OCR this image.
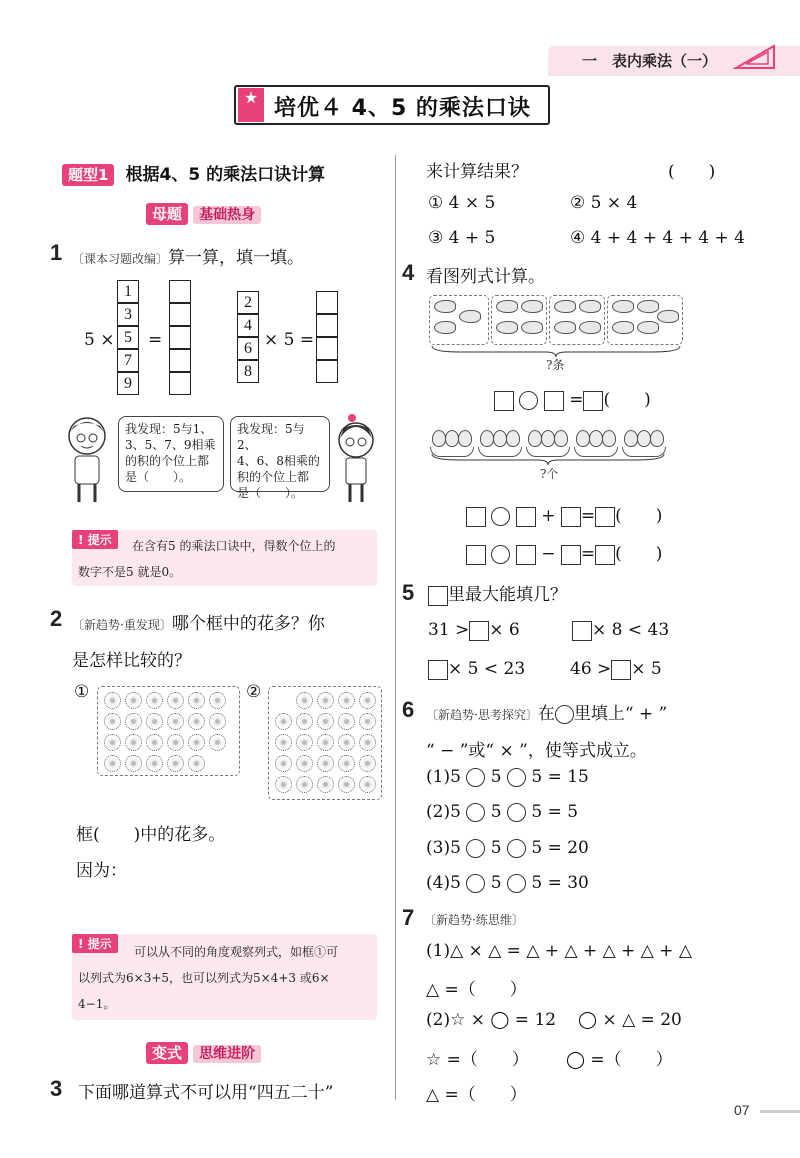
一　表内乘法（一）
★ 培优４ 4、5 的乘法口诀
题型1 根据4、5 的乘法口诀计算
母题 基础热身
1 〔课本习题改编〕算一算，填一填。
5 ×
1
3
5
7
9
=
2
4
6
8
× 5 =
我发现：5与1、
3、5、7、9相乘
的积的个位上都
是（　　）。
我发现：5与2、
4、6、8相乘的
积的个位上都
是（　　）。
! 提示	在含有5 的乘法口诀中，得数个位上的
数字不是5 就是0。
2 〔新趋势·重发现〕哪个框中的花多？你
是怎样比较的？
①	②
框(　　)中的花多。
因为：
! 提示
可以从不同的角度观察列式，如框①可
以列式为6×3+5，也可以列式为5×4+3 或6×
4−1。
变式 思维进阶
3 下面哪道算式不可以用“四五二十”
来计算结果？	(　　)
① 4 × 5	② 5 × 4
③ 4 + 5	④ 4 + 4 + 4 + 4 + 4
4 看图列式计算。
?条
= (　　)
?个
+ = (　　)
− = (　　)
5	里最大能填几？
31 > × 6	× 8 < 43
× 5 < 23	46 > × 5
6 〔新趋势·思考探究〕在 里填上“ + ”
“ − ”或“ × ”，使等式成立。
(1)5 5 5 = 15
(2)5 5 5 = 5
(3)5 5 5 = 20
(4)5 5 5 = 30
7 〔新趋势·练思维〕
(1)△ × △ = △ + △ + △ + △ + △
△ =（　　）
(2)☆ × ◯ = 12 ◯ × △ = 20
☆ =（　　） ◯ =（　　）
△ =（　　）
07
